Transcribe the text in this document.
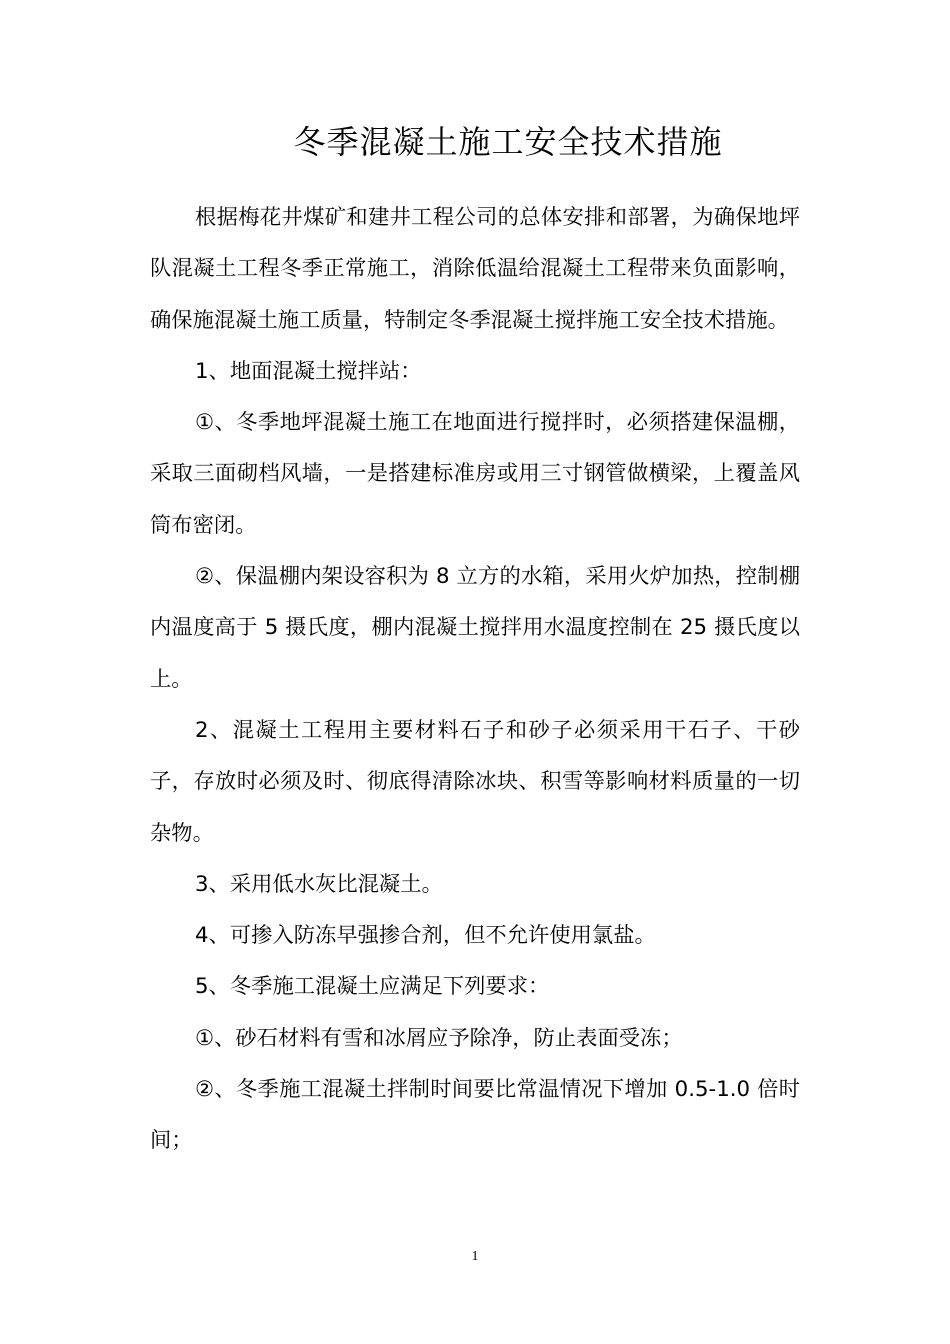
冬季混凝土施工安全技术措施

根据梅花井煤矿和建井工程公司的总体安排和部署，为确保地坪队混凝土工程冬季正常施工，消除低温给混凝土工程带来负面影响，确保施混凝土施工质量，特制定冬季混凝土搅拌施工安全技术措施。

1、地面混凝土搅拌站：

①、冬季地坪混凝土施工在地面进行搅拌时，必须搭建保温棚，采取三面砌档风墙，一是搭建标准房或用三寸钢管做横梁，上覆盖风筒布密闭。

②、保温棚内架设容积为 8 立方的水箱，采用火炉加热，控制棚内温度高于 5 摄氏度，棚内混凝土搅拌用水温度控制在 25 摄氏度以上。

2、混凝土工程用主要材料石子和砂子必须采用干石子、干砂子，存放时必须及时、彻底得清除冰块、积雪等影响材料质量的一切杂物。

3、采用低水灰比混凝土。

4、可掺入防冻早强掺合剂，但不允许使用氯盐。

5、冬季施工混凝土应满足下列要求：

①、砂石材料有雪和冰屑应予除净，防止表面受冻；

②、冬季施工混凝土拌制时间要比常温情况下增加 0.5-1.0 倍时间；

1
